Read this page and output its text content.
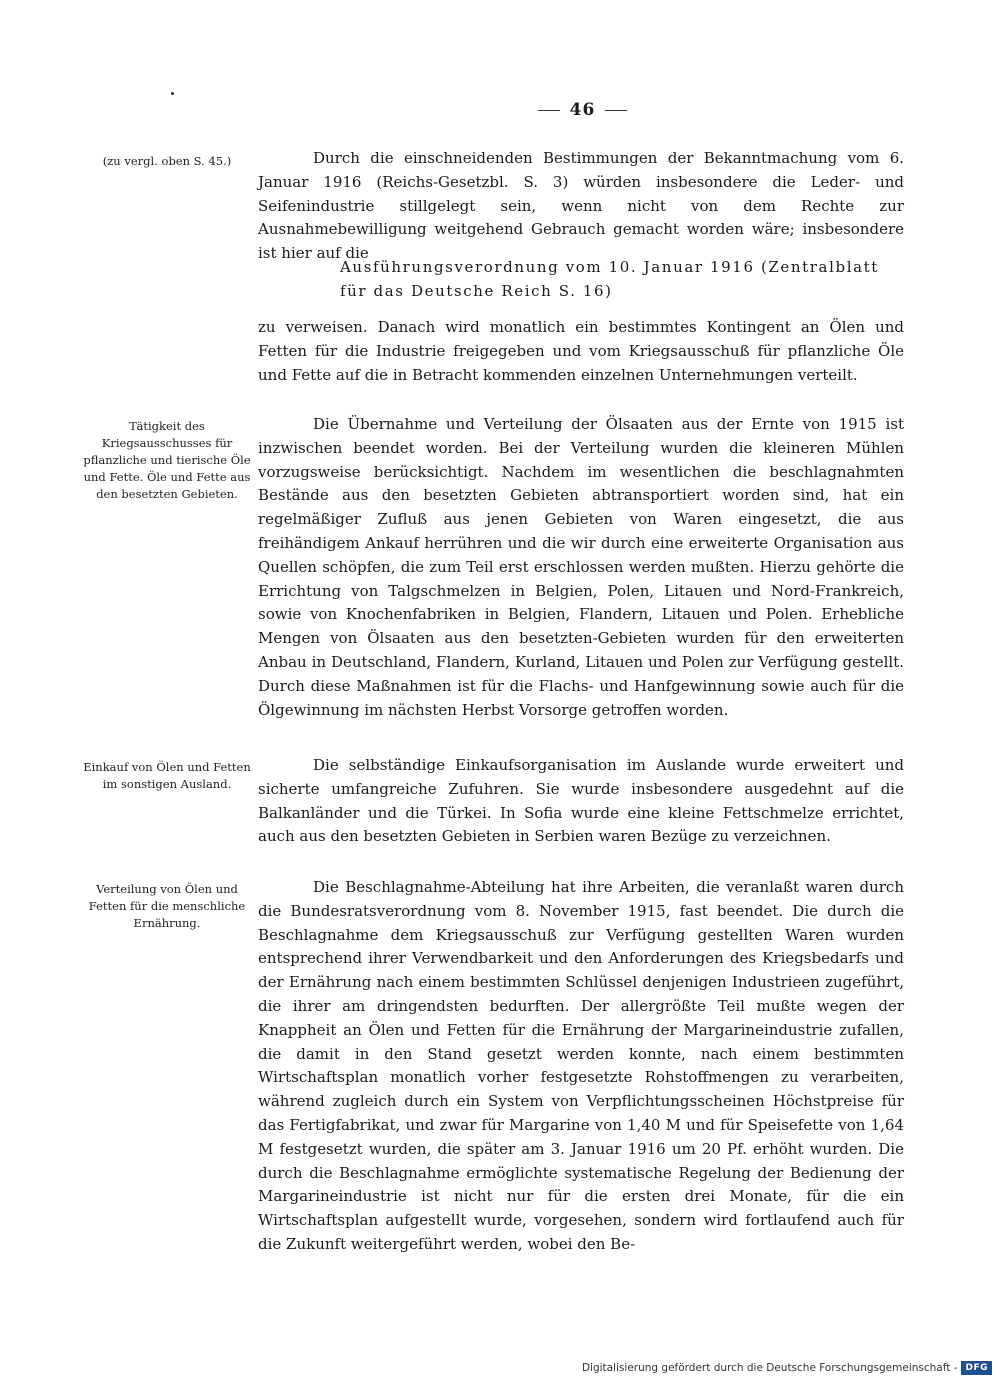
46
(zu vergl. oben S. 45.)
Tätigkeit des Kriegsausschusses für pflanzliche und tierische Öle und Fette. Öle und Fette aus den besetzten Gebieten.
Einkauf von Ölen und Fetten im sonstigen Ausland.
Verteilung von Ölen und Fetten für die menschliche Ernährung.
Durch die einschneidenden Bestimmungen der Bekanntmachung vom 6. Januar 1916 (Reichs-Gesetzbl. S. 3) würden insbesondere die Leder- und Seifenindustrie stillgelegt sein, wenn nicht von dem Rechte zur Ausnahmebewilligung weitgehend Gebrauch gemacht worden wäre; insbesondere ist hier auf die
Ausführungsverordnung vom 10. Januar 1916 (Zentralblatt für das Deutsche Reich S. 16)
zu verweisen. Danach wird monatlich ein bestimmtes Kontingent an Ölen und Fetten für die Industrie freigegeben und vom Kriegsausschuß für pflanzliche Öle und Fette auf die in Betracht kommenden einzelnen Unternehmungen verteilt.
Die Übernahme und Verteilung der Ölsaaten aus der Ernte von 1915 ist inzwischen beendet worden. Bei der Verteilung wurden die kleineren Mühlen vorzugsweise berücksichtigt. Nachdem im wesentlichen die beschlagnahmten Bestände aus den besetzten Gebieten abtransportiert worden sind, hat ein regelmäßiger Zufluß aus jenen Gebieten von Waren eingesetzt, die aus freihändigem Ankauf herrühren und die wir durch eine erweiterte Organisation aus Quellen schöpfen, die zum Teil erst erschlossen werden mußten. Hierzu gehörte die Errichtung von Talgschmelzen in Belgien, Polen, Litauen und Nord-Frankreich, sowie von Knochenfabriken in Belgien, Flandern, Litauen und Polen. Erhebliche Mengen von Ölsaaten aus den besetzten-Gebieten wurden für den erweiterten Anbau in Deutschland, Flandern, Kurland, Litauen und Polen zur Verfügung gestellt. Durch diese Maßnahmen ist für die Flachs- und Hanfgewinnung sowie auch für die Ölgewinnung im nächsten Herbst Vorsorge getroffen worden.
Die selbständige Einkaufsorganisation im Auslande wurde erweitert und sicherte umfangreiche Zufuhren. Sie wurde insbesondere ausgedehnt auf die Balkanländer und die Türkei. In Sofia wurde eine kleine Fettschmelze errichtet, auch aus den besetzten Gebieten in Serbien waren Bezüge zu verzeichnen.
Die Beschlagnahme-Abteilung hat ihre Arbeiten, die veranlaßt waren durch die Bundesratsverordnung vom 8. November 1915, fast beendet. Die durch die Beschlagnahme dem Kriegsausschuß zur Verfügung gestellten Waren wurden entsprechend ihrer Verwendbarkeit und den Anforderungen des Kriegsbedarfs und der Ernährung nach einem bestimmten Schlüssel denjenigen Industrieen zugeführt, die ihrer am dringendsten bedurften. Der allergrößte Teil mußte wegen der Knappheit an Ölen und Fetten für die Ernährung der Margarineindustrie zufallen, die damit in den Stand gesetzt werden konnte, nach einem bestimmten Wirtschaftsplan monatlich vorher festgesetzte Rohstoffmengen zu verarbeiten, während zugleich durch ein System von Verpflichtungsscheinen Höchstpreise für das Fertigfabrikat, und zwar für Margarine von 1,40 M und für Speisefette von 1,64 M festgesetzt wurden, die später am 3. Januar 1916 um 20 Pf. erhöht wurden. Die durch die Beschlagnahme ermöglichte systematische Regelung der Bedienung der Margarineindustrie ist nicht nur für die ersten drei Monate, für die ein Wirtschaftsplan aufgestellt wurde, vorgesehen, sondern wird fortlaufend auch für die Zukunft weitergeführt werden, wobei den Be-
Digitalisierung gefördert durch die Deutsche Forschungsgemeinschaft - DFG
